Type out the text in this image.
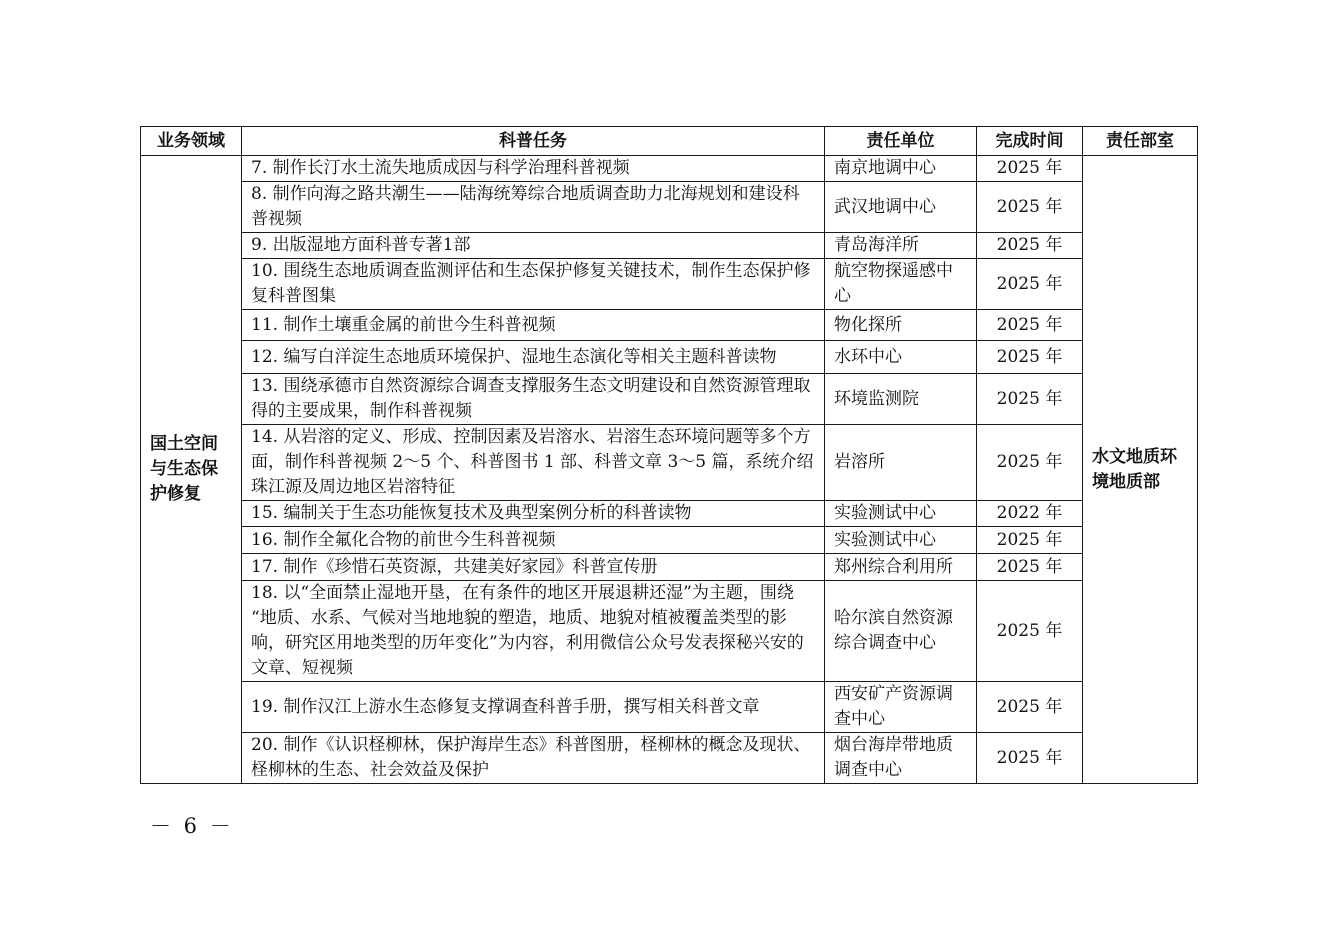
业务领域	科普任务	责任单位	完成时间	责任部室
国土空间与生态保护修复	7. 制作长汀水土流失地质成因与科学治理科普视频	南京地调中心	2025 年	水文地质环境地质部
	8. 制作向海之路共潮生——陆海统筹综合地质调查助力北海规划和建设科普视频	武汉地调中心	2025 年	
	9. 出版湿地方面科普专著1部	青岛海洋所	2025 年	
	10. 围绕生态地质调查监测评估和生态保护修复关键技术，制作生态保护修复科普图集	航空物探遥感中心	2025 年	
	11. 制作土壤重金属的前世今生科普视频	物化探所	2025 年	
	12. 编写白洋淀生态地质环境保护、湿地生态演化等相关主题科普读物	水环中心	2025 年	
	13. 围绕承德市自然资源综合调查支撑服务生态文明建设和自然资源管理取得的主要成果，制作科普视频	环境监测院	2025 年	
	14. 从岩溶的定义、形成、控制因素及岩溶水、岩溶生态环境问题等多个方面，制作科普视频 2～5 个、科普图书 1 部、科普文章 3～5 篇，系统介绍珠江源及周边地区岩溶特征	岩溶所	2025 年	
	15. 编制关于生态功能恢复技术及典型案例分析的科普读物	实验测试中心	2022 年	
	16. 制作全氟化合物的前世今生科普视频	实验测试中心	2025 年	
	17. 制作《珍惜石英资源，共建美好家园》科普宣传册	郑州综合利用所	2025 年	
	18. 以“全面禁止湿地开垦，在有条件的地区开展退耕还湿”为主题，围绕 “地质、水系、气候对当地地貌的塑造，地质、地貌对植被覆盖类型的影响，研究区用地类型的历年变化”为内容，利用微信公众号发表探秘兴安的文章、短视频	哈尔滨自然资源综合调查中心	2025 年	
	19. 制作汉江上游水生态修复支撑调查科普手册，撰写相关科普文章	西安矿产资源调查中心	2025 年	
	20. 制作《认识柽柳林，保护海岸生态》科普图册，柽柳林的概念及现状、柽柳林的生态、社会效益及保护	烟台海岸带地质调查中心	2025 年	
－ 6 －
